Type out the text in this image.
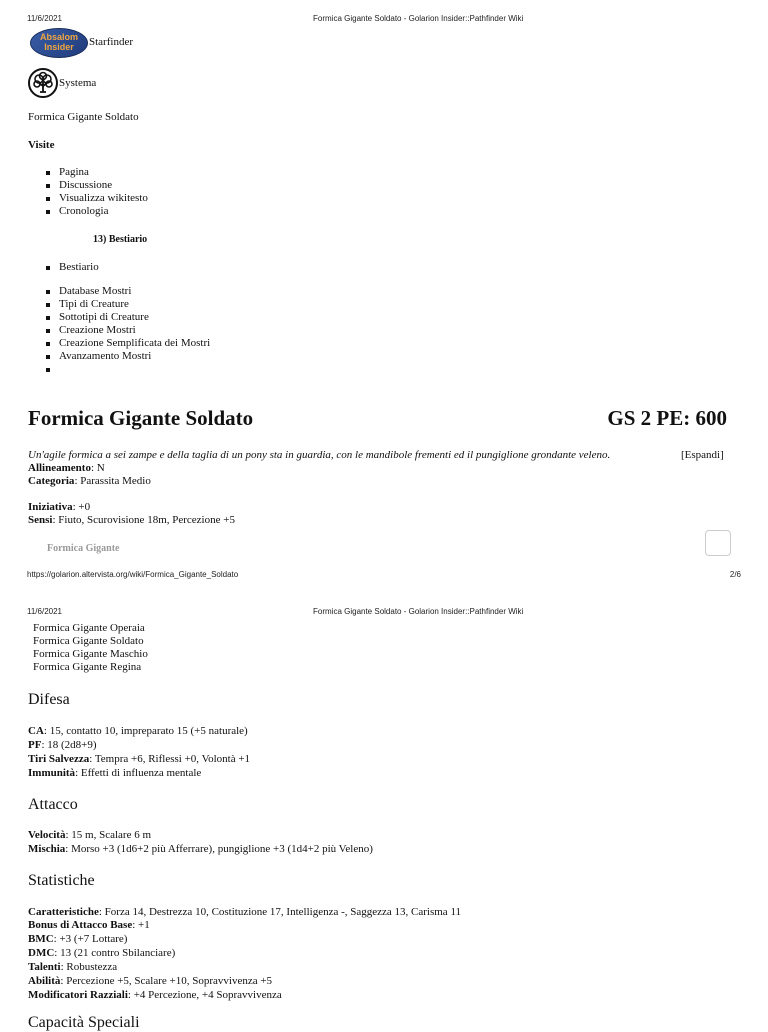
11/6/2021	Formica Gigante Soldato - Golarion Insider::Pathfinder Wiki
Absalom
Insider	Starfinder
Systema
Formica Gigante Soldato
Visite
Pagina
Discussione
Visualizza wikitesto
Cronologia
13) Bestiario
Bestiario
Database Mostri
Tipi di Creature
Sottotipi di Creature
Creazione Mostri
Creazione Semplificata dei Mostri
Avanzamento Mostri
Formica Gigante Soldato	GS 2 PE: 600
Un'agile formica a sei zampe e della taglia di un pony sta in guardia, con le mandibole frementi ed il pungiglione grondante veleno.	[Espandi]
Allineamento: N
Categoria: Parassita Medio
Iniziativa: +0
Sensi: Fiuto, Scurovisione 18m, Percezione +5
Formica Gigante
https://golarion.altervista.org/wiki/Formica_Gigante_Soldato	2/6
11/6/2021	Formica Gigante Soldato - Golarion Insider::Pathfinder Wiki
Formica Gigante Operaia
Formica Gigante Soldato
Formica Gigante Maschio
Formica Gigante Regina
Difesa
CA: 15, contatto 10, impreparato 15 (+5 naturale)
PF: 18 (2d8+9)
Tiri Salvezza: Tempra +6, Riflessi +0, Volontà +1
Immunità: Effetti di influenza mentale
Attacco
Velocità: 15 m, Scalare 6 m
Mischia: Morso +3 (1d6+2 più Afferrare), pungiglione +3 (1d4+2 più Veleno)
Statistiche
Caratteristiche: Forza 14, Destrezza 10, Costituzione 17, Intelligenza -, Saggezza 13, Carisma 11
Bonus di Attacco Base: +1
BMC: +3 (+7 Lottare)
DMC: 13 (21 contro Sbilanciare)
Talenti: Robustezza
Abilità: Percezione +5, Scalare +10, Sopravvivenza +5
Modificatori Razziali: +4 Percezione, +4 Sopravvivenza
Capacità Speciali
